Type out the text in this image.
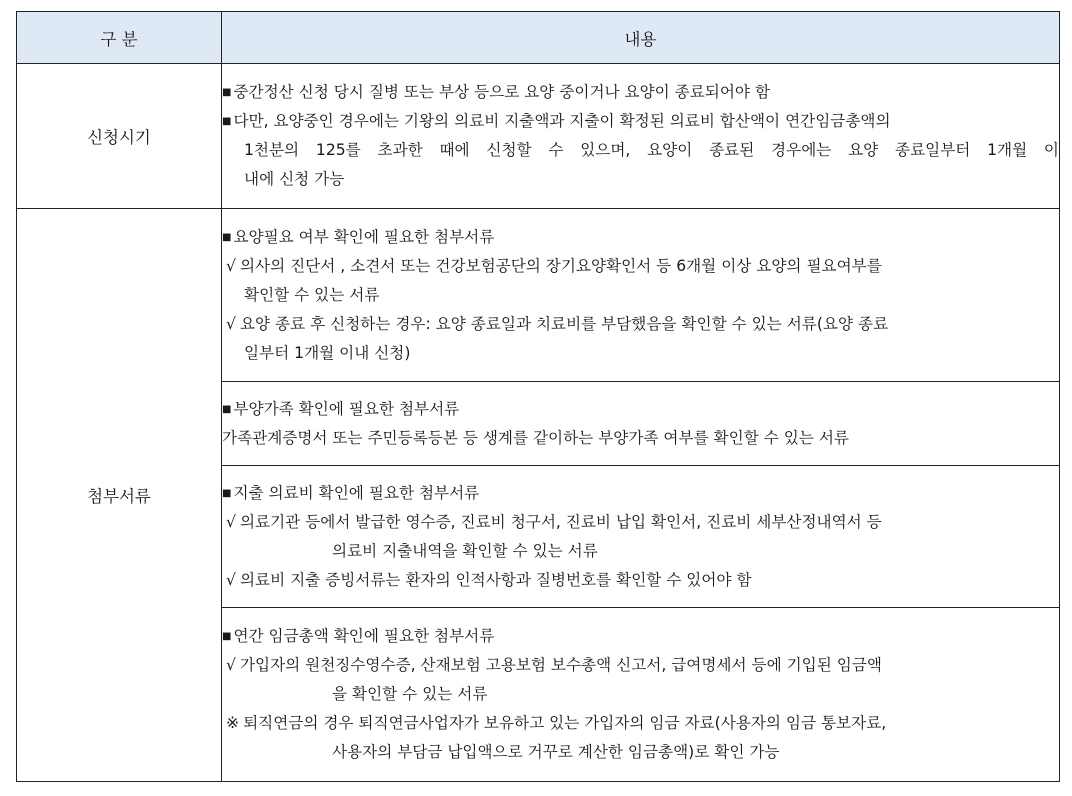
구 분	내용
신청시기	■ 중간정산 신청 당시 질병 또는 부상 등으로 요양 중이거나 요양이 종료되어야 함
■ 다만, 요양중인 경우에는 기왕의 의료비 지출액과 지출이 확정된 의료비 합산액이 연간임금총액의
1천분의 125를 초과한 때에 신청할 수 있으며, 요양이 종료된 경우에는 요양 종료일부터 1개월 이
내에 신청 가능

첨부서류	■ 요양필요 여부 확인에 필요한 첨부서류
√ 의사의 진단서 , 소견서 또는 건강보험공단의 장기요양확인서 등 6개월 이상 요양의 필요여부를
확인할 수 있는 서류
√ 요양 종료 후 신청하는 경우: 요양 종료일과 치료비를 부담했음을 확인할 수 있는 서류(요양 종료
일부터 1개월 이내 신청)

	■ 부양가족 확인에 필요한 첨부서류
가족관계증명서 또는 주민등록등본 등 생계를 같이하는 부양가족 여부를 확인할 수 있는 서류

	■ 지출 의료비 확인에 필요한 첨부서류
√ 의료기관 등에서 발급한 영수증, 진료비 청구서, 진료비 납입 확인서, 진료비 세부산정내역서 등
의료비 지출내역을 확인할 수 있는 서류
√ 의료비 지출 증빙서류는 환자의 인적사항과 질병번호를 확인할 수 있어야 함

	■ 연간 임금총액 확인에 필요한 첨부서류
√ 가입자의 원천징수영수증, 산재보험 고용보험 보수총액 신고서, 급여명세서 등에 기입된 임금액
을 확인할 수 있는 서류
※ 퇴직연금의 경우 퇴직연금사업자가 보유하고 있는 가입자의 임금 자료(사용자의 임금 통보자료,
사용자의 부담금 납입액으로 거꾸로 계산한 임금총액)로 확인 가능
